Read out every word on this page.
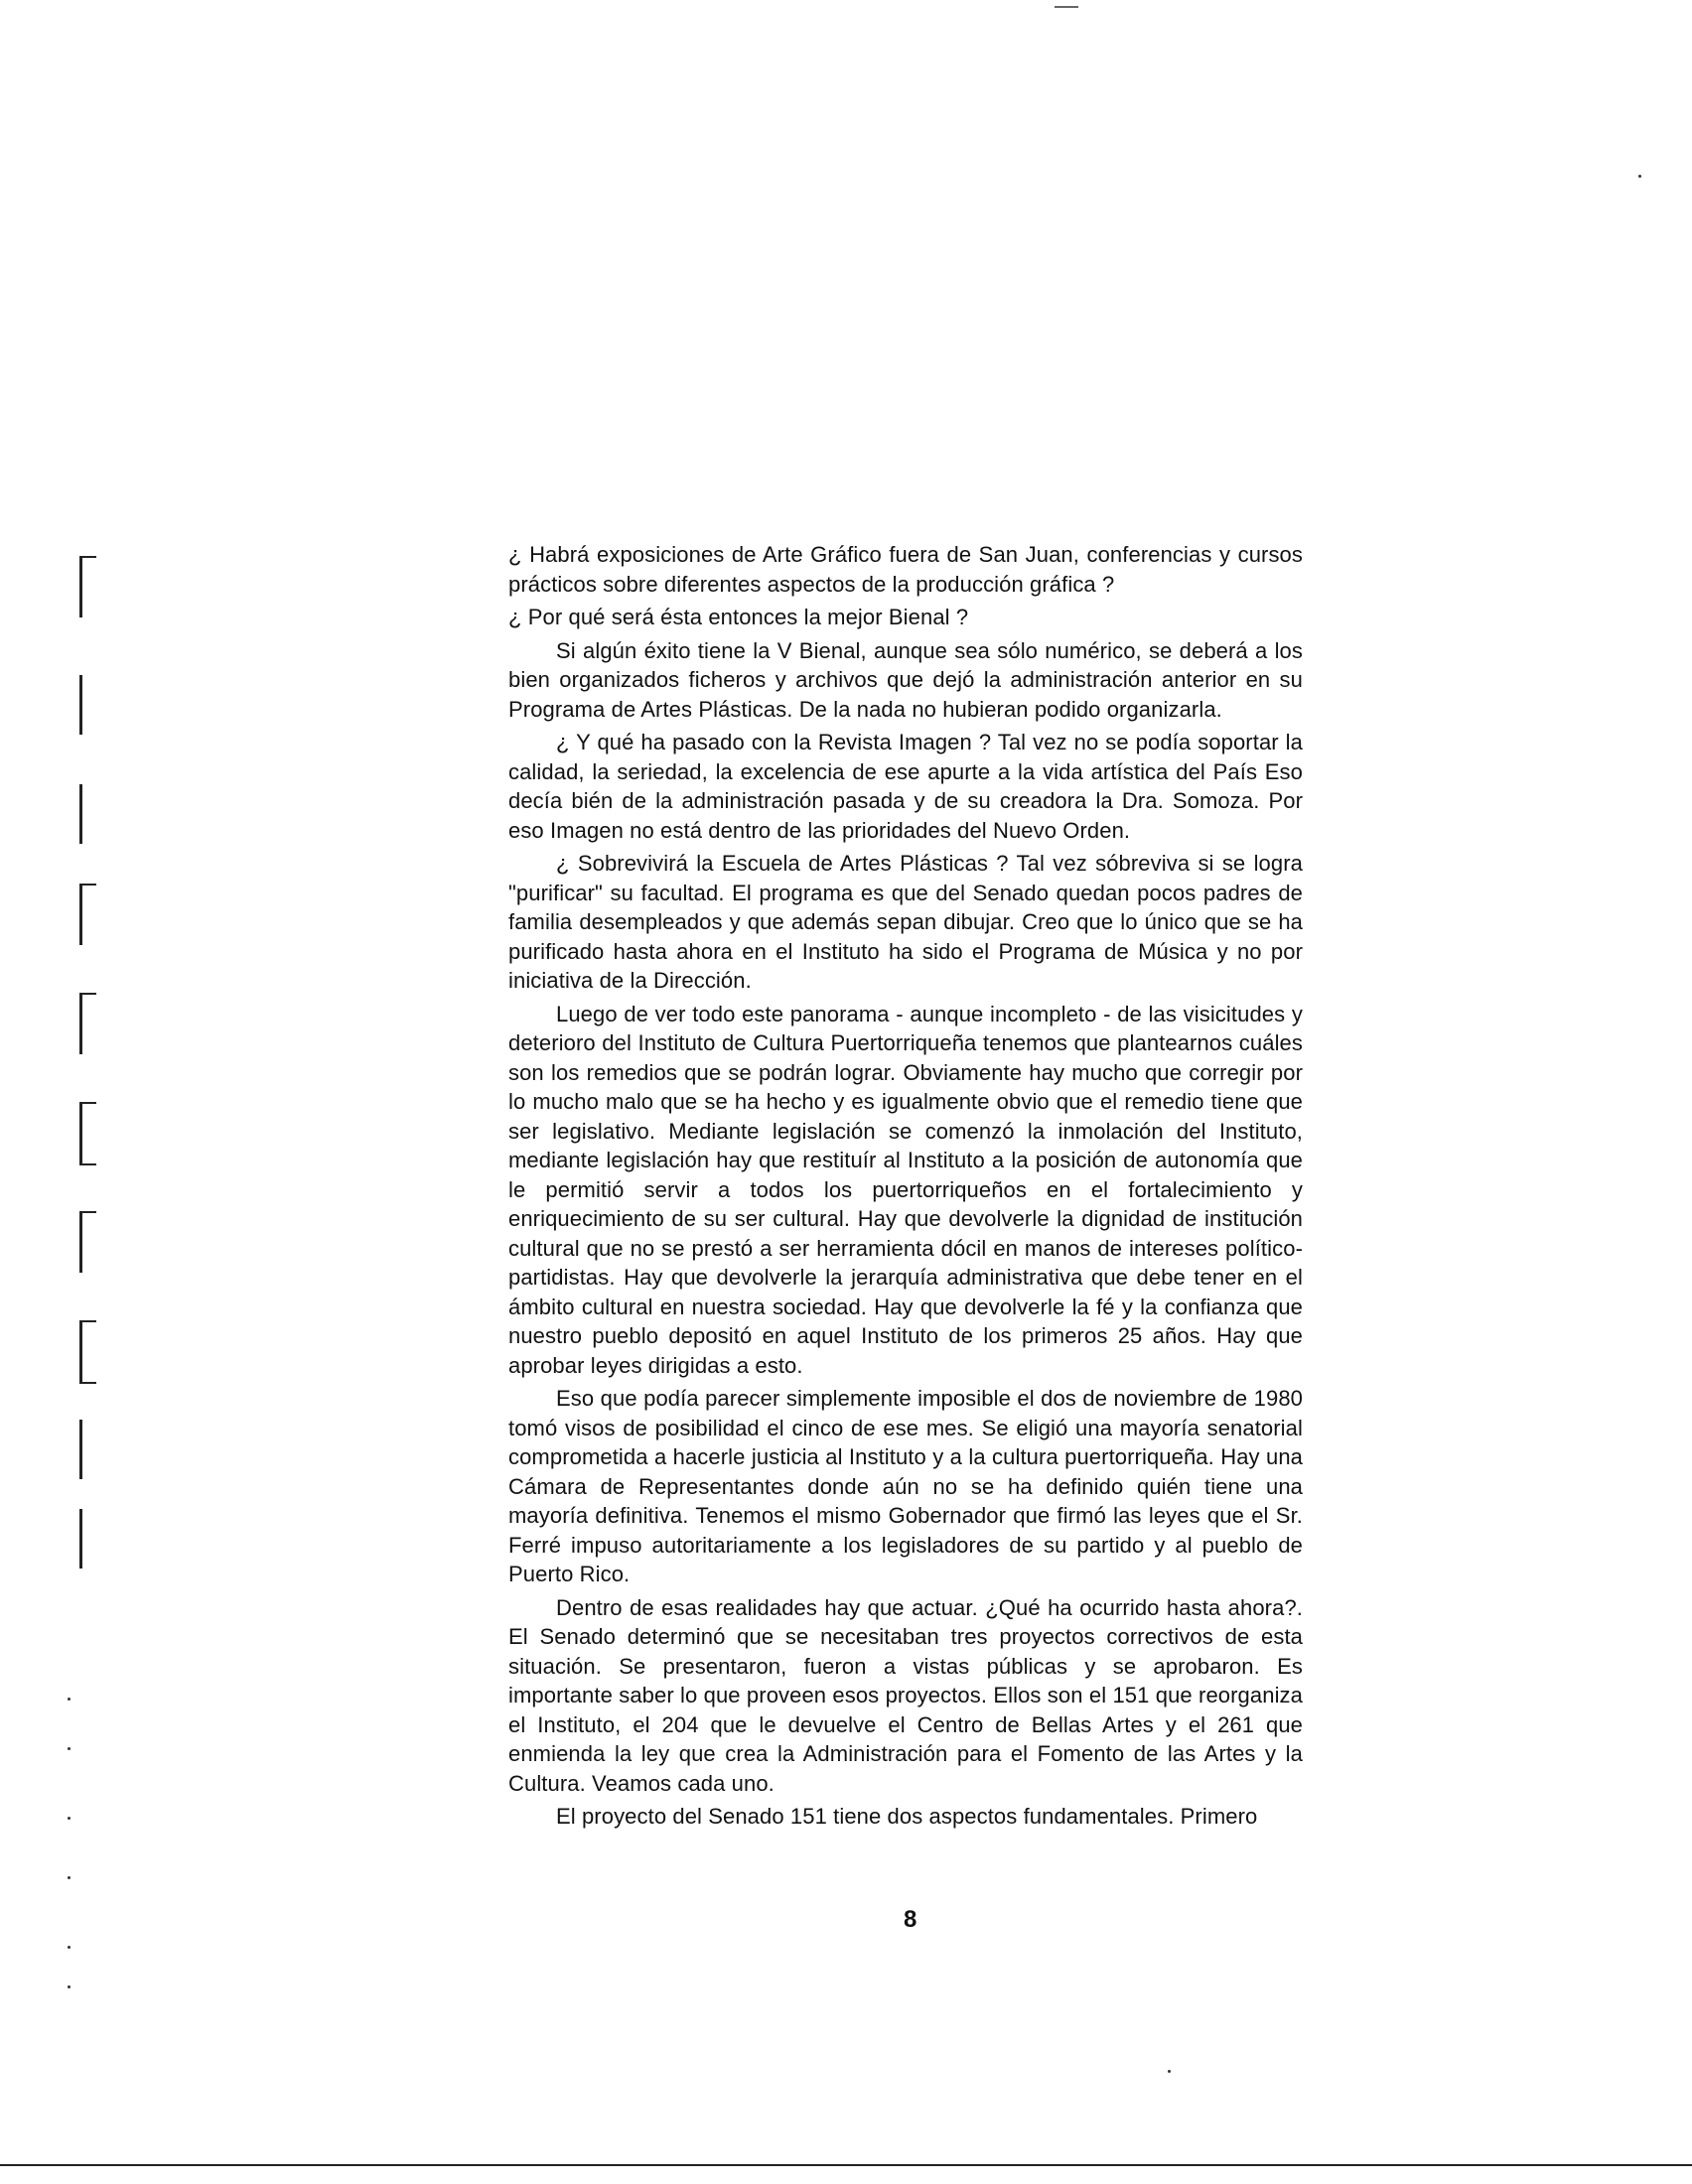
¿ Habrá exposiciones de Arte Gráfico fuera de San Juan, conferencias y cursos prácticos sobre diferentes aspectos de la producción gráfica ?

¿ Por qué será ésta entonces la mejor Bienal ?

Si algún éxito tiene la V Bienal, aunque sea sólo numérico, se deberá a los bien organizados ficheros y archivos que dejó la administración anterior en su Programa de Artes Plásticas. De la nada no hubieran podido organizarla.

¿ Y qué ha pasado con la Revista Imagen ? Tal vez no se podía soportar la calidad, la seriedad, la excelencia de ese apurte a la vida artística del País Eso decía bién de la administración pasada y de su creadora la Dra. Somoza. Por eso Imagen no está dentro de las prioridades del Nuevo Orden.

¿ Sobrevivirá la Escuela de Artes Plásticas ? Tal vez sóbreviva si se logra "purificar" su facultad. El programa es que del Senado quedan pocos padres de familia desempleados y que además sepan dibujar. Creo que lo único que se ha purificado hasta ahora en el Instituto ha sido el Programa de Música y no por iniciativa de la Dirección.

Luego de ver todo este panorama - aunque incompleto - de las visicitudes y deterioro del Instituto de Cultura Puertorriqueña tenemos que plantearnos cuáles son los remedios que se podrán lograr. Obviamente hay mucho que corregir por lo mucho malo que se ha hecho y es igualmente obvio que el remedio tiene que ser legislativo. Mediante legislación se comenzó la inmolación del Instituto, mediante legislación hay que restituír al Instituto a la posición de autonomía que le permitió servir a todos los puertorriqueños en el fortalecimiento y enriquecimiento de su ser cultural. Hay que devolverle la dignidad de institución cultural que no se prestó a ser herramienta dócil en manos de intereses político-partidistas. Hay que devolverle la jerarquía administrativa que debe tener en el ámbito cultural en nuestra sociedad. Hay que devolverle la fé y la confianza que nuestro pueblo depositó en aquel Instituto de los primeros 25 años. Hay que aprobar leyes dirigidas a esto.

Eso que podía parecer simplemente imposible el dos de noviembre de 1980 tomó visos de posibilidad el cinco de ese mes. Se eligió una mayoría senatorial comprometida a hacerle justicia al Instituto y a la cultura puertorriqueña. Hay una Cámara de Representantes donde aún no se ha definido quién tiene una mayoría definitiva. Tenemos el mismo Gobernador que firmó las leyes que el Sr. Ferré impuso autoritariamente a los legisladores de su partido y al pueblo de Puerto Rico.

Dentro de esas realidades hay que actuar. ¿Qué ha ocurrido hasta ahora?. El Senado determinó que se necesitaban tres proyectos correctivos de esta situación. Se presentaron, fueron a vistas públicas y se aprobaron. Es importante saber lo que proveen esos proyectos. Ellos son el 151 que reorganiza el Instituto, el 204 que le devuelve el Centro de Bellas Artes y el 261 que enmienda la ley que crea la Administración para el Fomento de las Artes y la Cultura. Veamos cada uno.

El proyecto del Senado 151 tiene dos aspectos fundamentales. Primero

8
